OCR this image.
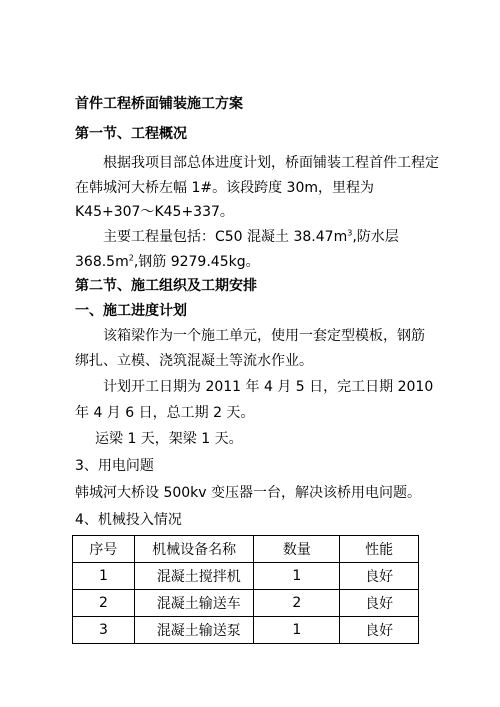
首件工程桥面铺装施工方案
第一节、工程概况
根据我项目部总体进度计划，桥面铺装工程首件工程定
在韩城河大桥左幅 1#。该段跨度 30m，里程为
K45+307～K45+337。
主要工程量包括：C50 混凝土 $38.47m^3$,防水层
$368.5m^2$,钢筋 9279.45kg。
第二节、施工组织及工期安排
一、施工进度计划
该箱梁作为一个施工单元，使用一套定型模板，钢筋
绑扎、立模、浇筑混凝土等流水作业。
计划开工日期为 2011 年 4 月 5 日，完工日期 2010
年 4 月 6 日，总工期 2 天。
运梁 1 天，架梁 1 天。
3、用电问题
韩城河大桥设 500kv 变压器一台，解决该桥用电问题。
4、机械投入情况
序号	机械设备名称	数量	性能
1	混凝土搅拌机	1	良好
2	混凝土输送车	2	良好
3	混凝土输送泵	1	良好
